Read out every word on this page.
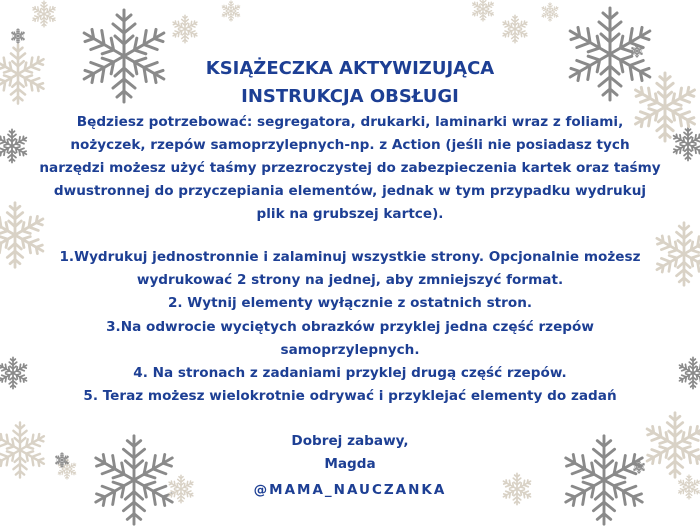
KSIĄŻECZKA AKTYWIZUJĄCA
INSTRUKCJA OBSŁUGI
Będziesz potrzebować: segregatora, drukarki, laminarki wraz z foliami,
nożyczek, rzepów samoprzylepnych-np. z Action (jeśli nie posiadasz tych
narzędzi możesz użyć taśmy przezroczystej do zabezpieczenia kartek oraz taśmy
dwustronnej do przyczepiania elementów, jednak w tym przypadku wydrukuj
plik na grubszej kartce).
1.Wydrukuj jednostronnie i zalaminuj wszystkie strony. Opcjonalnie możesz
wydrukować 2 strony na jednej, aby zmniejszyć format.
2. Wytnij elementy wyłącznie z ostatnich stron.
3.Na odwrocie wyciętych obrazków przyklej jedna część rzepów
samoprzylepnych.
4. Na stronach z zadaniami przyklej drugą część rzepów.
5. Teraz możesz wielokrotnie odrywać i przyklejać elementy do zadań
Dobrej zabawy,
Magda
@MAMA_NAUCZANKA
